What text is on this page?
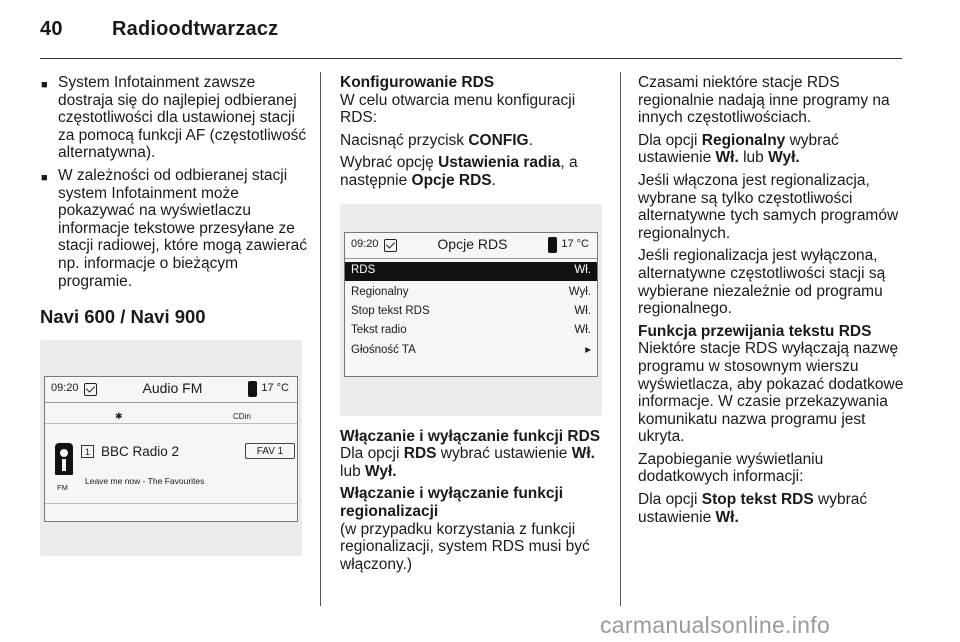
40 Radioodtwarzacz
■ System Infotainment zawsze dostraja się do najlepiej odbieranej częstotliwości dla ustawionej stacji za pomocą funkcji AF (częstotliwość alternatywna).
■ W zależności od odbieranej stacji system Infotainment może pokazywać na wyświetlaczu informacje tekstowe przesyłane ze stacji radiowej, które mogą zawierać np. informacje o bieżącym programie.
Navi 600 / Navi 900
09:20	Audio FM	17 °C
✱	CDin
FM
1 BBC Radio 2	FAV 1
Leave me now - The Favourites
Konfigurowanie RDS

W celu otwarcia menu konfiguracji RDS:

Nacisnąć przycisk CONFIG.

Wybrać opcję Ustawienia radia, a następnie Opcje RDS.

09:20	Opcje RDS	17 °C
RDS	Wł.
Regionalny	Wył.
Stop tekst RDS	Wł.
Tekst radio	Wł.
Głośność TA	▸
Włączanie i wyłączanie funkcji RDS

Dla opcji RDS wybrać ustawienie Wł. lub Wył.

Włączanie i wyłączanie funkcji regionalizacji

(w przypadku korzystania z funkcji regionalizacji, system RDS musi być włączony.)

Czasami niektóre stacje RDS regionalnie nadają inne programy na innych częstotliwościach.

Dla opcji Regionalny wybrać ustawienie Wł. lub Wył.

Jeśli włączona jest regionalizacja, wybrane są tylko częstotliwości alternatywne tych samych programów regionalnych.

Jeśli regionalizacja jest wyłączona, alternatywne częstotliwości stacji są wybierane niezależnie od programu regionalnego.

Funkcja przewijania tekstu RDS

Niektóre stacje RDS wyłączają nazwę programu w stosownym wierszu wyświetlacza, aby pokazać dodatkowe informacje. W czasie przekazywania komunikatu nazwa programu jest ukryta.

Zapobieganie wyświetlaniu dodatkowych informacji:

Dla opcji Stop tekst RDS wybrać ustawienie Wł.

carmanualsonline.info
